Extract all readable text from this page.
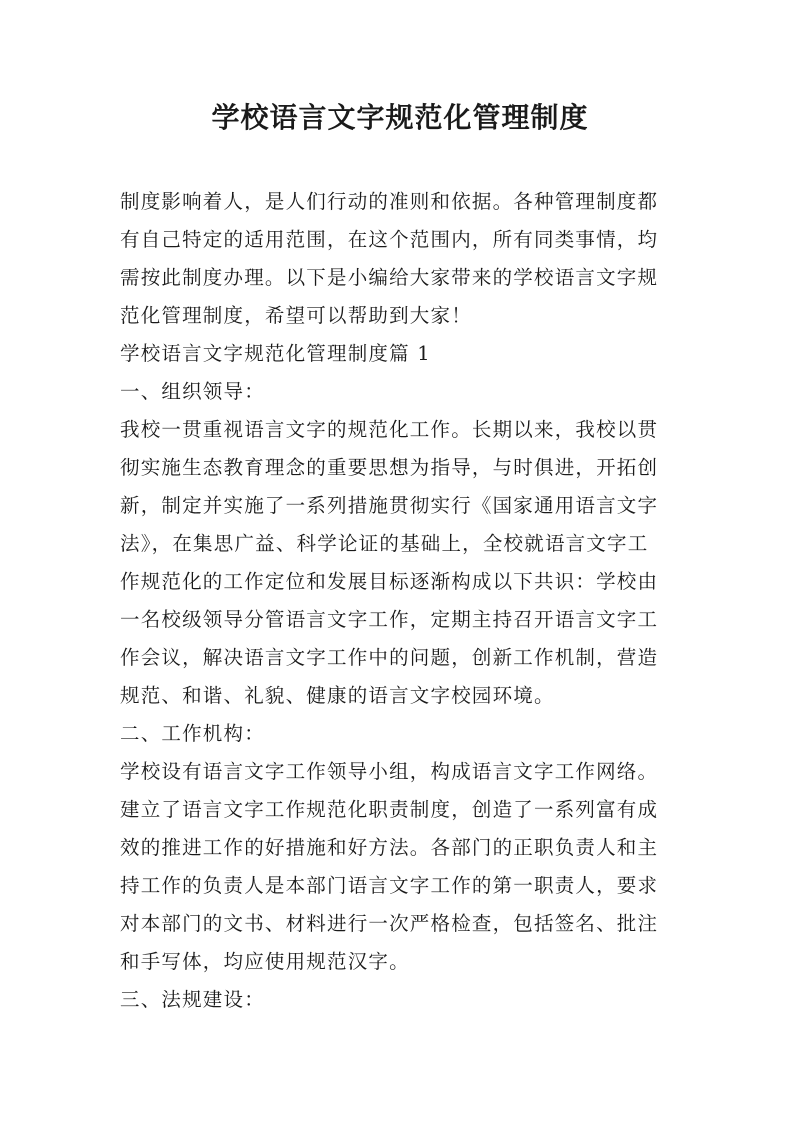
学校语言文字规范化管理制度
制度影响着人，是人们行动的准则和依据。各种管理制度都
有自己特定的适用范围，在这个范围内，所有同类事情，均
需按此制度办理。以下是小编给大家带来的学校语言文字规
范化管理制度，希望可以帮助到大家！
学校语言文字规范化管理制度篇 1
一、组织领导：
我校一贯重视语言文字的规范化工作。长期以来，我校以贯
彻实施生态教育理念的重要思想为指导，与时俱进，开拓创
新，制定并实施了一系列措施贯彻实行《国家通用语言文字
法》，在集思广益、科学论证的基础上，全校就语言文字工
作规范化的工作定位和发展目标逐渐构成以下共识：学校由
一名校级领导分管语言文字工作，定期主持召开语言文字工
作会议，解决语言文字工作中的问题，创新工作机制，营造
规范、和谐、礼貌、健康的语言文字校园环境。
二、工作机构：
学校设有语言文字工作领导小组，构成语言文字工作网络。
建立了语言文字工作规范化职责制度，创造了一系列富有成
效的推进工作的好措施和好方法。各部门的正职负责人和主
持工作的负责人是本部门语言文字工作的第一职责人，要求
对本部门的文书、材料进行一次严格检查，包括签名、批注
和手写体，均应使用规范汉字。
三、法规建设：
